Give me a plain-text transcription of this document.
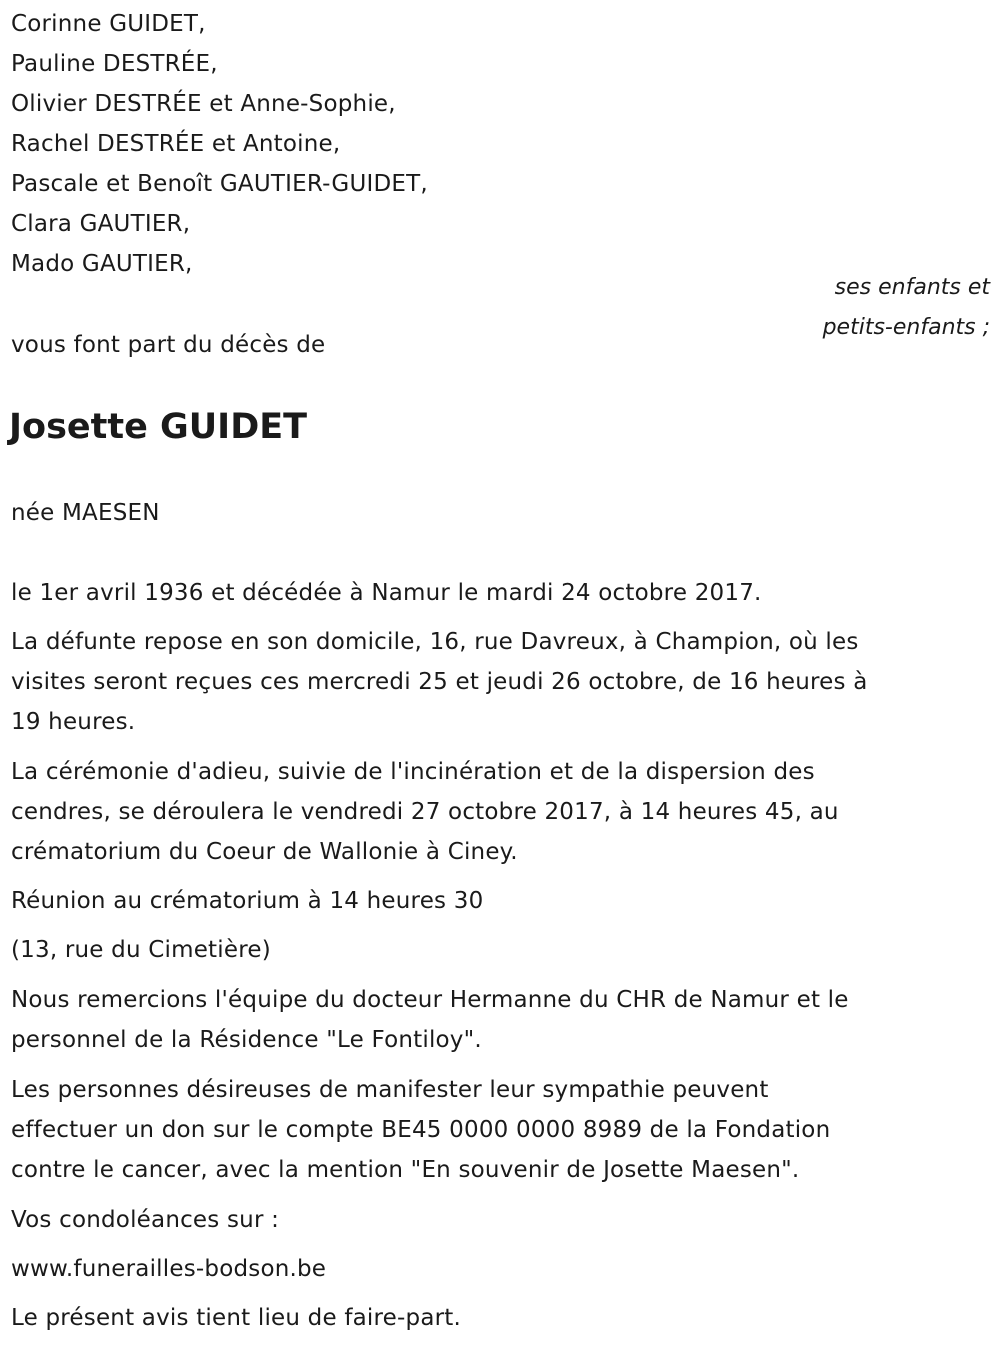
Corinne GUIDET,
Pauline DESTRÉE,
Olivier DESTRÉE et Anne-Sophie,
Rachel DESTRÉE et Antoine,
Pascale et Benoît GAUTIER-GUIDET,
Clara GAUTIER,
Mado GAUTIER,
ses enfants et
petits-enfants ;
vous font part du décès de
Josette GUIDET
née MAESEN
le 1er avril 1936 et décédée à Namur le mardi 24 octobre 2017.
La défunte repose en son domicile, 16, rue Davreux, à Champion, où les
visites seront reçues ces mercredi 25 et jeudi 26 octobre, de 16 heures à
19 heures.
La cérémonie d'adieu, suivie de l'incinération et de la dispersion des
cendres, se déroulera le vendredi 27 octobre 2017, à 14 heures 45, au
crématorium du Coeur de Wallonie à Ciney.
Réunion au crématorium à 14 heures 30
(13, rue du Cimetière)
Nous remercions l'équipe du docteur Hermanne du CHR de Namur et le
personnel de la Résidence "Le Fontiloy".
Les personnes désireuses de manifester leur sympathie peuvent
effectuer un don sur le compte BE45 0000 0000 8989 de la Fondation
contre le cancer, avec la mention "En souvenir de Josette Maesen".
Vos condoléances sur :
www.funerailles-bodson.be
Le présent avis tient lieu de faire-part.
